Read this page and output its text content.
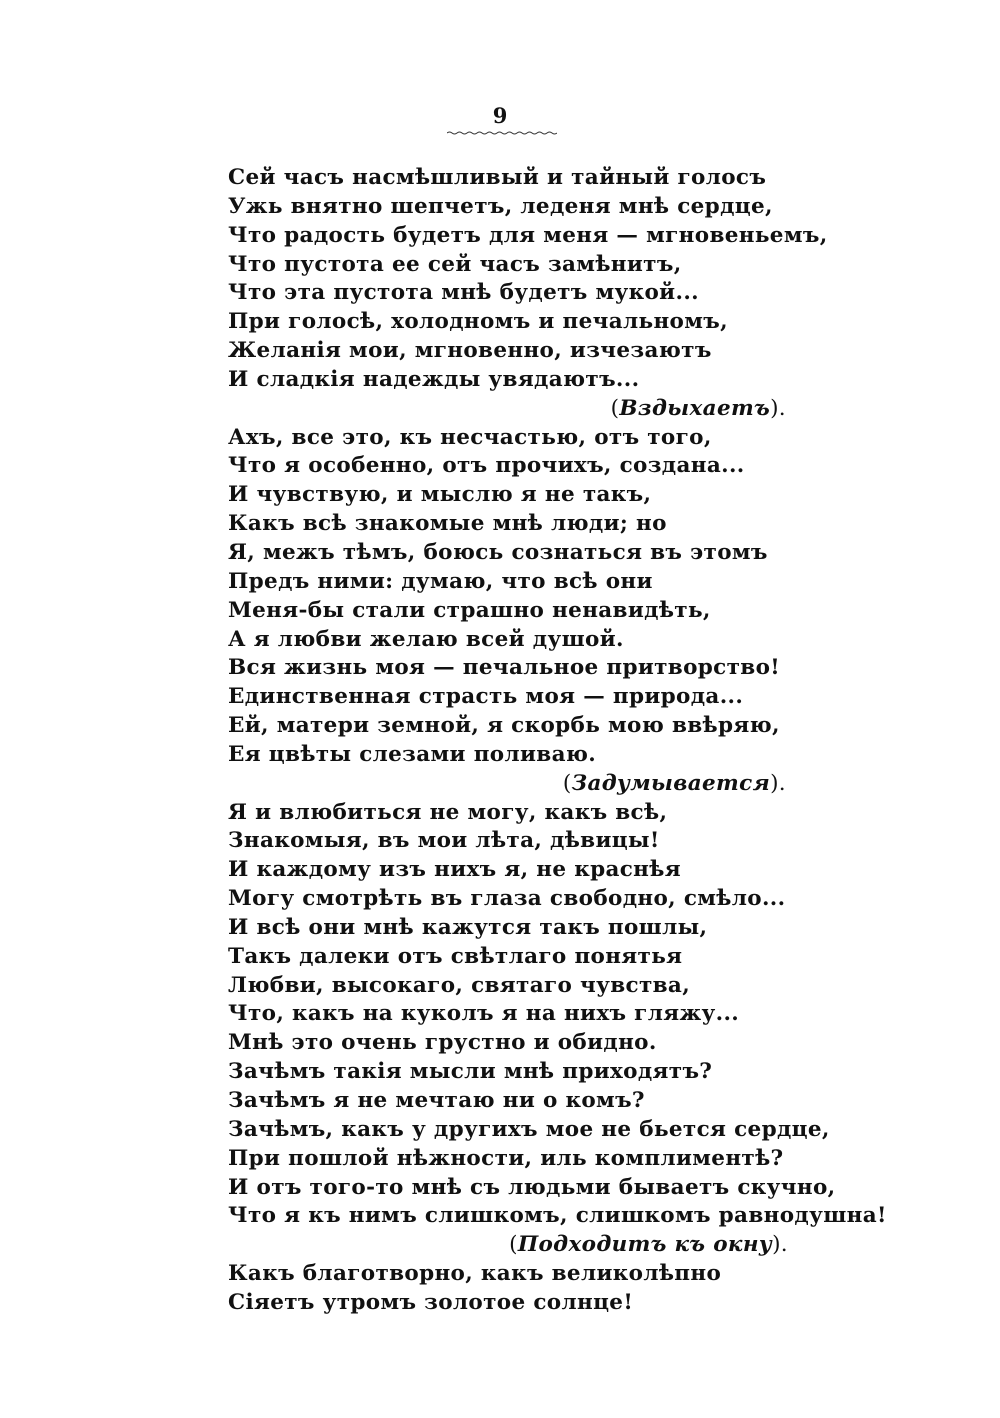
9
Сей часъ насмѣшливый и тайный голосъ
Ужь внятно шепчетъ, леденя мнѣ сердце,
Что радость будетъ для меня — мгновеньемъ,
Что пустота ее сей часъ замѣнитъ,
Что эта пустота мнѣ будетъ мукой...
При голосѣ, холодномъ и печальномъ,
Желанія мои, мгновенно, изчезаютъ
И сладкія надежды увядаютъ...
(Вздыхаетъ).
Ахъ, все это, къ несчастью, отъ того,
Что я особенно, отъ прочихъ, создана...
И чувствую, и мыслю я не такъ,
Какъ всѣ знакомые мнѣ люди; но
Я, межъ тѣмъ, боюсь сознаться въ этомъ
Предъ ними: думаю, что всѣ они
Меня-бы стали страшно ненавидѣть,
А я любви желаю всей душой.
Вся жизнь моя — печальное притворство!
Единственная страсть моя — природа...
Ей, матери земной, я скорбь мою ввѣряю,
Ея цвѣты слезами поливаю.
(Задумывается).
Я и влюбиться не могу, какъ всѣ,
Знакомыя, въ мои лѣта, дѣвицы!
И каждому изъ нихъ я, не краснѣя
Могу смотрѣть въ глаза свободно, смѣло...
И всѣ они мнѣ кажутся такъ пошлы,
Такъ далеки отъ свѣтлаго понятья
Любви, высокаго, святаго чувства,
Что, какъ на куколъ я на нихъ гляжу...
Мнѣ это очень грустно и обидно.
Зачѣмъ такія мысли мнѣ приходятъ?
Зачѣмъ я не мечтаю ни о комъ?
Зачѣмъ, какъ у другихъ мое не бьется сердце,
При пошлой нѣжности, иль комплиментѣ?
И отъ того-то мнѣ съ людьми бываетъ скучно,
Что я къ нимъ слишкомъ, слишкомъ равнодушна!
(Подходитъ къ окну).
Какъ благотворно, какъ великолѣпно
Сіяетъ утромъ золотое солнце!
